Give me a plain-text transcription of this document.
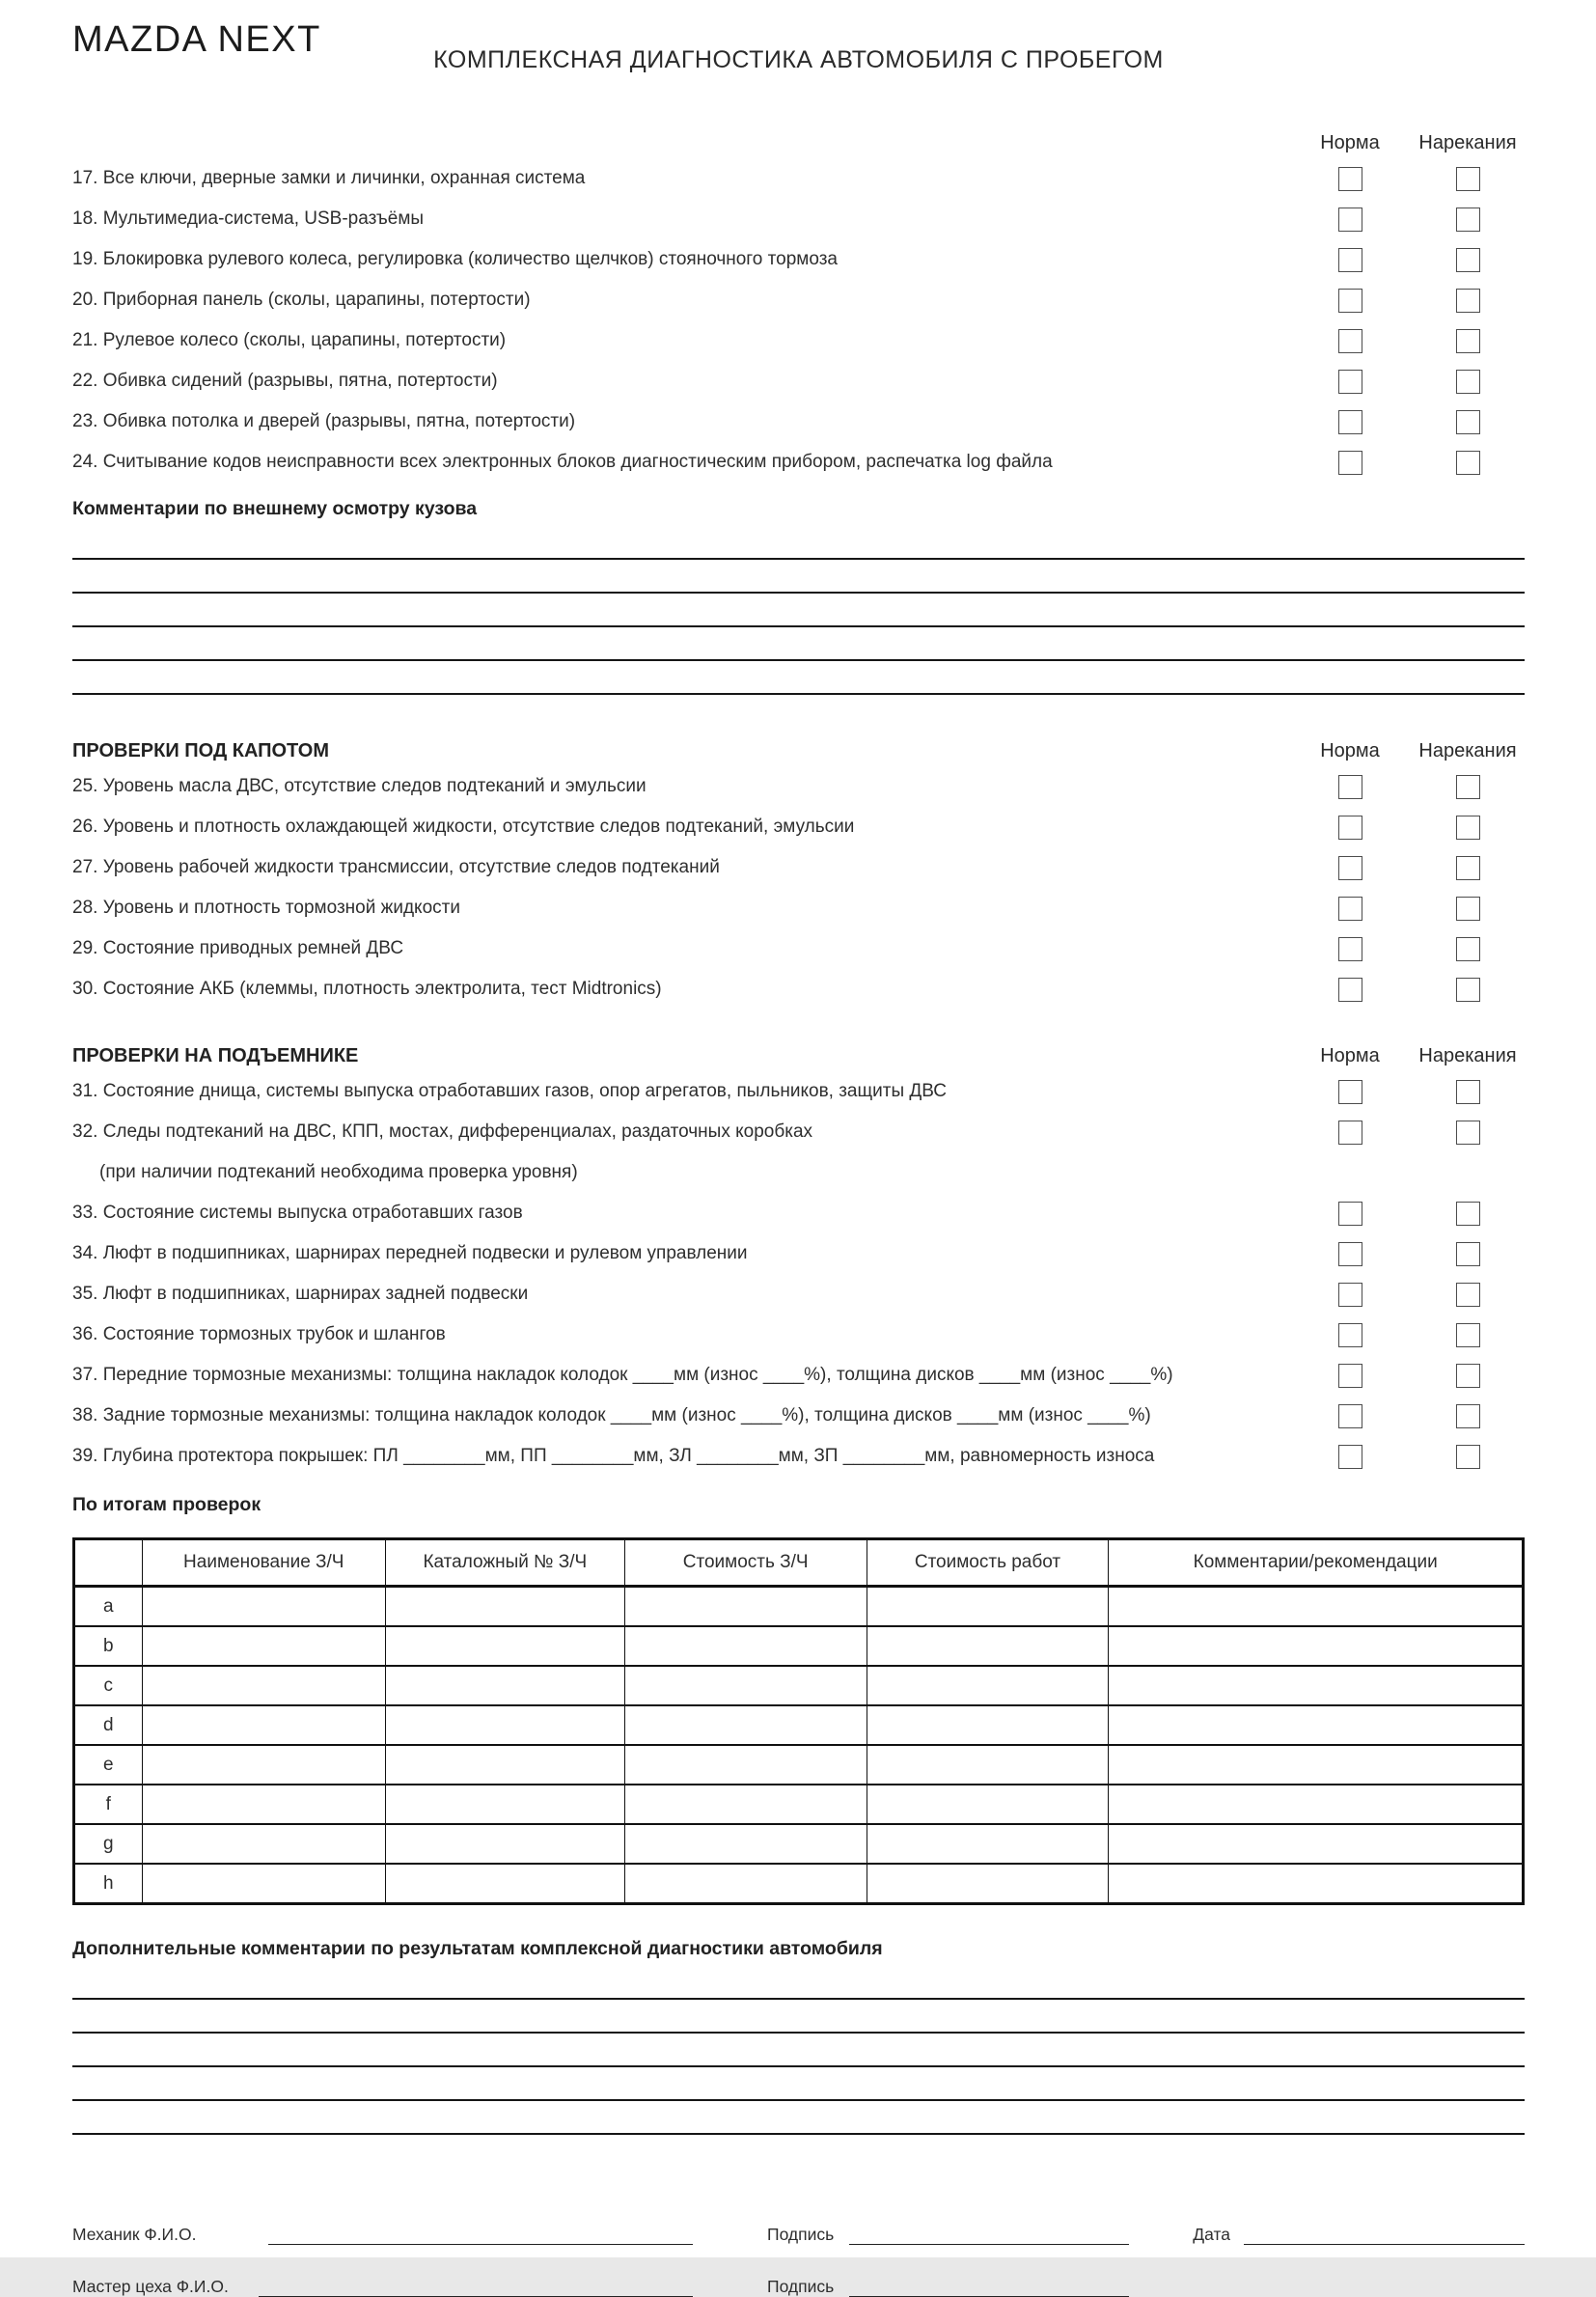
MAZDA NEXT	КОМПЛЕКСНАЯ ДИАГНОСТИКА АВТОМОБИЛЯ С ПРОБЕГОМ
Норма	Нарекания
17. Все ключи, дверные замки и личинки, охранная система
18. Мультимедиа-система, USB-разъёмы
19. Блокировка рулевого колеса, регулировка (количество щелчков) стояночного тормоза
20. Приборная панель (сколы, царапины, потертости)
21. Рулевое колесо (сколы, царапины, потертости)
22. Обивка сидений (разрывы, пятна, потертости)
23. Обивка потолка и дверей (разрывы, пятна, потертости)
24. Считывание кодов неисправности всех электронных блоков диагностическим прибором, распечатка log файла
Комментарии по внешнему осмотру кузова
ПРОВЕРКИ ПОД КАПОТОМ	Норма	Нарекания
25. Уровень масла ДВС, отсутствие следов подтеканий и эмульсии
26. Уровень и плотность охлаждающей жидкости, отсутствие следов подтеканий, эмульсии
27. Уровень рабочей жидкости трансмиссии, отсутствие следов подтеканий
28. Уровень и плотность тормозной жидкости
29. Состояние приводных ремней ДВС
30. Состояние АКБ (клеммы, плотность электролита, тест Midtronics)
ПРОВЕРКИ НА ПОДЪЕМНИКЕ	Норма	Нарекания
31. Состояние днища, системы выпуска отработавших газов, опор агрегатов, пыльников, защиты ДВС
32. Следы подтеканий на ДВС, КПП, мостах, дифференциалах, раздаточных коробках
(при наличии подтеканий необходима проверка уровня)
33. Состояние системы выпуска отработавших газов
34. Люфт в подшипниках, шарнирах передней подвески и рулевом управлении
35. Люфт в подшипниках, шарнирах задней подвески
36. Состояние тормозных трубок и шлангов
37. Передние тормозные механизмы: толщина накладок колодок ____мм (износ ____%), толщина дисков ____мм (износ ____%)
38. Задние тормозные механизмы: толщина накладок колодок ____мм (износ ____%), толщина дисков ____мм (износ ____%)
39. Глубина протектора покрышек: ПЛ ________мм, ПП ________мм, ЗЛ ________мм, ЗП ________мм, равномерность износа
По итогам проверок
	Наименование З/Ч	Каталожный № З/Ч	Стоимость З/Ч	Стоимость работ	Комментарии/рекомендации
a					
b					
c					
d					
e					
f					
g					
h					
Дополнительные комментарии по результатам комплексной диагностики автомобиля
Механик Ф.И.О.	Подпись	Дата
Мастер цеха Ф.И.О.	Подпись
